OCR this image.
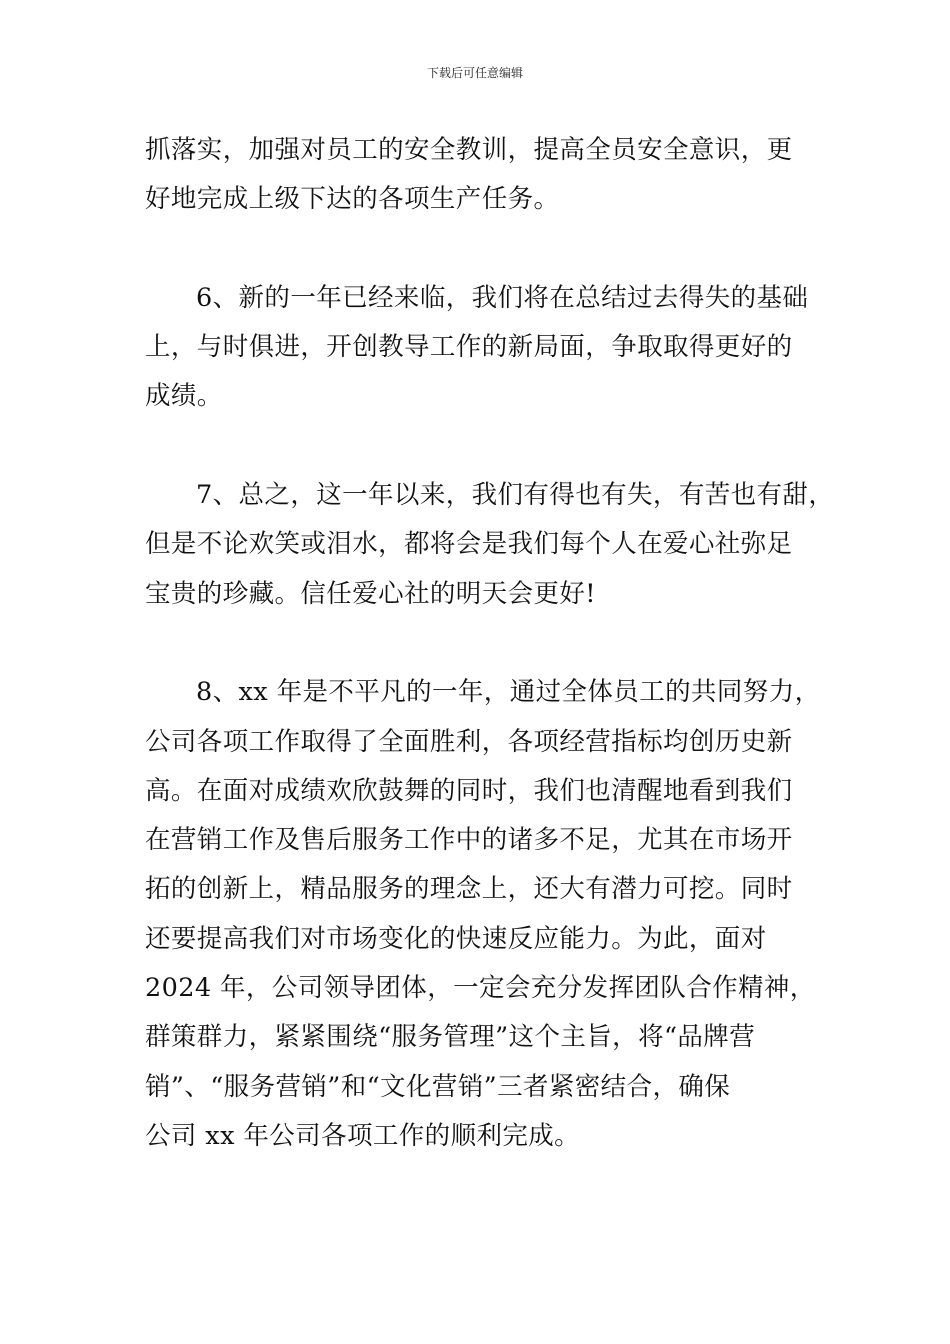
下载后可任意编辑
抓落实，加强对员工的安全教训，提高全员安全意识，更
好地完成上级下达的各项生产任务。
6、新的一年已经来临，我们将在总结过去得失的基础
上，与时俱进，开创教导工作的新局面，争取取得更好的
成绩。
7、总之，这一年以来，我们有得也有失，有苦也有甜，
但是不论欢笑或泪水，都将会是我们每个人在爱心社弥足
宝贵的珍藏。信任爱心社的明天会更好!
8、xx 年是不平凡的一年，通过全体员工的共同努力，
公司各项工作取得了全面胜利，各项经营指标均创历史新
高。在面对成绩欢欣鼓舞的同时，我们也清醒地看到我们
在营销工作及售后服务工作中的诸多不足，尤其在市场开
拓的创新上，精品服务的理念上，还大有潜力可挖。同时
还要提高我们对市场变化的快速反应能力。为此，面对
2024 年，公司领导团体，一定会充分发挥团队合作精神，
群策群力，紧紧围绕“服务管理”这个主旨，将“品牌营
销”、“服务营销”和“文化营销”三者紧密结合，确保
公司 xx 年公司各项工作的顺利完成。
